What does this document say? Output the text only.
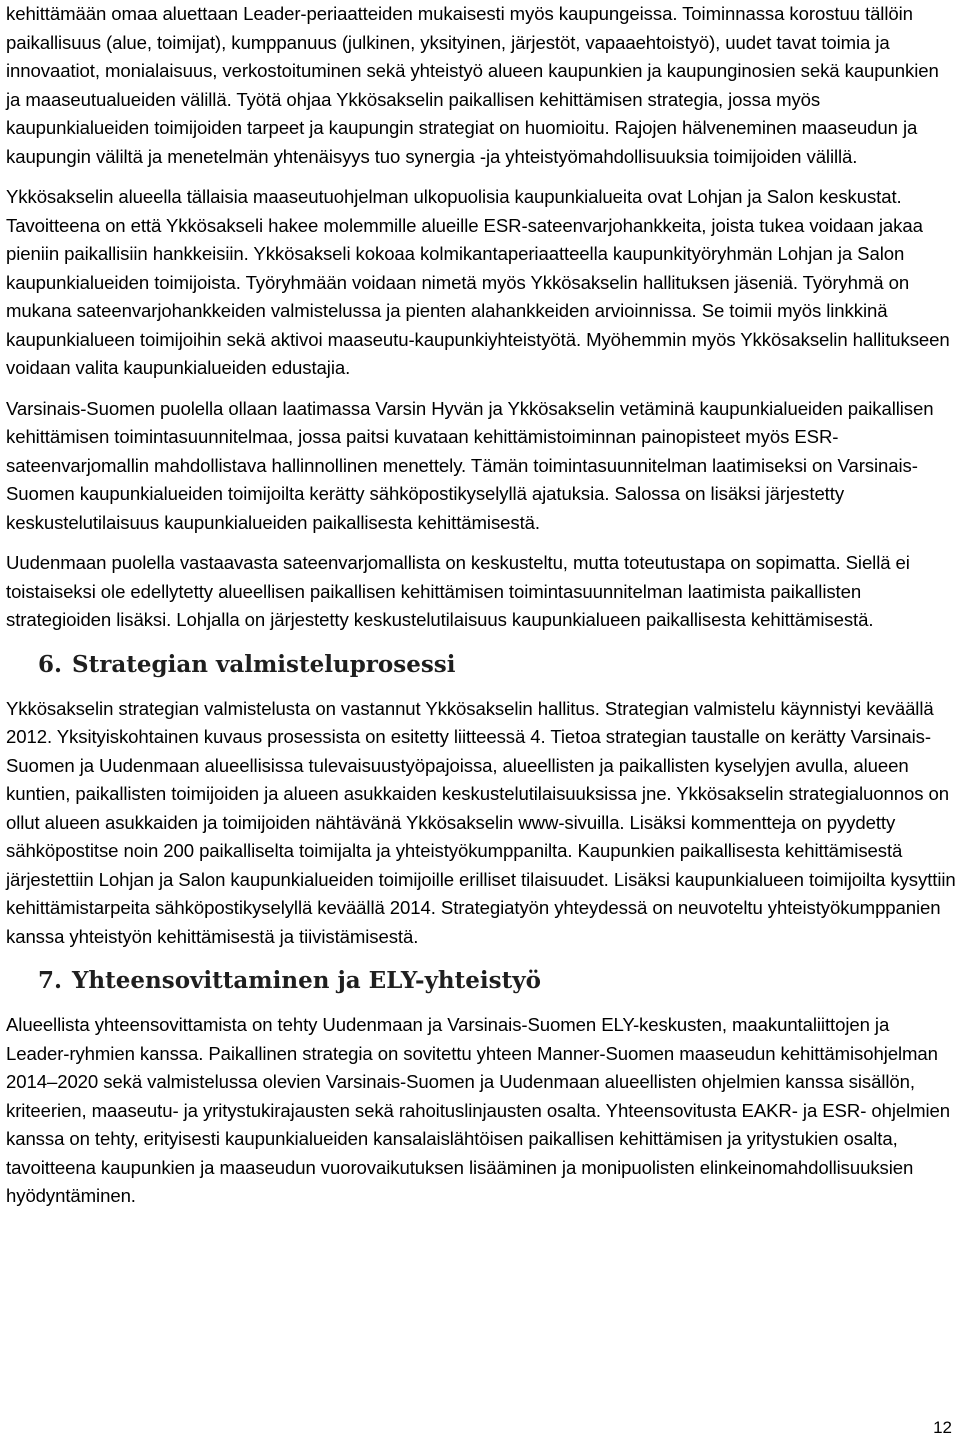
kehittämään omaa aluettaan Leader-periaatteiden mukaisesti myös kaupungeissa. Toiminnassa korostuu tällöin paikallisuus (alue, toimijat), kumppanuus (julkinen, yksityinen, järjestöt, vapaaehtoistyö), uudet tavat toimia ja innovaatiot, monialaisuus, verkostoituminen sekä yhteistyö alueen kaupunkien ja kaupunginosien sekä kaupunkien ja maaseutualueiden välillä. Työtä ohjaa Ykkösakselin paikallisen kehittämisen strategia, jossa myös kaupunkialueiden toimijoiden tarpeet ja kaupungin strategiat on huomioitu. Rajojen hälveneminen maaseudun ja kaupungin väliltä ja menetelmän yhtenäisyys tuo synergia -ja yhteistyömahdollisuuksia toimijoiden välillä.

Ykkösakselin alueella tällaisia maaseutuohjelman ulkopuolisia kaupunkialueita ovat Lohjan ja Salon keskustat. Tavoitteena on että Ykkösakseli hakee molemmille alueille ESR-sateenvarjohankkeita, joista tukea voidaan jakaa pieniin paikallisiin hankkeisiin. Ykkösakseli kokoaa kolmikantaperiaatteella kaupunkityöryhmän Lohjan ja Salon kaupunkialueiden toimijoista. Työryhmään voidaan nimetä myös Ykkösakselin hallituksen jäseniä. Työryhmä on mukana sateenvarjohankkeiden valmistelussa ja pienten alahankkeiden arvioinnissa. Se toimii myös linkkinä kaupunkialueen toimijoihin sekä aktivoi maaseutu-kaupunkiyhteistyötä. Myöhemmin myös Ykkösakselin hallitukseen voidaan valita kaupunkialueiden edustajia.

Varsinais-Suomen puolella ollaan laatimassa Varsin Hyvän ja Ykkösakselin vetäminä kaupunkialueiden paikallisen kehittämisen toimintasuunnitelmaa, jossa paitsi kuvataan kehittämistoiminnan painopisteet myös ESR-sateenvarjomallin mahdollistava hallinnollinen menettely. Tämän toimintasuunnitelman laatimiseksi on Varsinais-Suomen kaupunkialueiden toimijoilta kerätty sähköpostikyselyllä ajatuksia. Salossa on lisäksi järjestetty keskustelutilaisuus kaupunkialueiden paikallisesta kehittämisestä.

Uudenmaan puolella vastaavasta sateenvarjomallista on keskusteltu, mutta toteutustapa on sopimatta. Siellä ei toistaiseksi ole edellytetty alueellisen paikallisen kehittämisen toimintasuunnitelman laatimista paikallisten strategioiden lisäksi. Lohjalla on järjestetty keskustelutilaisuus kaupunkialueen paikallisesta kehittämisestä.

6. Strategian valmisteluprosessi

Ykkösakselin strategian valmistelusta on vastannut Ykkösakselin hallitus. Strategian valmistelu käynnistyi keväällä 2012. Yksityiskohtainen kuvaus prosessista on esitetty liitteessä 4. Tietoa strategian taustalle on kerätty Varsinais-Suomen ja Uudenmaan alueellisissa tulevaisuustyöpajoissa, alueellisten ja paikallisten kyselyjen avulla, alueen kuntien, paikallisten toimijoiden ja alueen asukkaiden keskustelutilaisuuksissa jne. Ykkösakselin strategialuonnos on ollut alueen asukkaiden ja toimijoiden nähtävänä Ykkösakselin www-sivuilla. Lisäksi kommentteja on pyydetty sähköpostitse noin 200 paikalliselta toimijalta ja yhteistyökumppanilta. Kaupunkien paikallisesta kehittämisestä järjestettiin Lohjan ja Salon kaupunkialueiden toimijoille erilliset tilaisuudet. Lisäksi kaupunkialueen toimijoilta kysyttiin kehittämistarpeita sähköpostikyselyllä keväällä 2014. Strategiatyön yhteydessä on neuvoteltu yhteistyökumppanien kanssa yhteistyön kehittämisestä ja tiivistämisestä.

7. Yhteensovittaminen ja ELY-yhteistyö

Alueellista yhteensovittamista on tehty Uudenmaan ja Varsinais-Suomen ELY-keskusten, maakuntaliittojen ja Leader-ryhmien kanssa. Paikallinen strategia on sovitettu yhteen Manner-Suomen maaseudun kehittämisohjelman 2014–2020 sekä valmistelussa olevien Varsinais-Suomen ja Uudenmaan alueellisten ohjelmien kanssa sisällön, kriteerien, maaseutu- ja yritystukirajausten sekä rahoituslinjausten osalta. Yhteensovitusta EAKR- ja ESR- ohjelmien kanssa on tehty, erityisesti kaupunkialueiden kansalaislähtöisen paikallisen kehittämisen ja yritystukien osalta, tavoitteena kaupunkien ja maaseudun vuorovaikutuksen lisääminen ja monipuolisten elinkeinomahdollisuuksien hyödyntäminen.

12
